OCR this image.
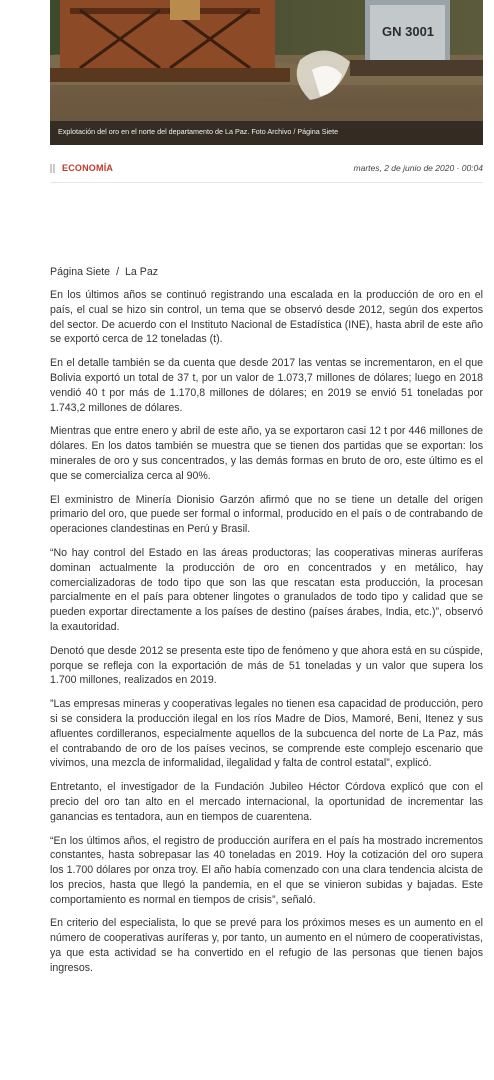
GN 3001
Explotación del oro en el norte del departamento de La Paz. Foto Archivo / Página Siete
ECONOMÍA	martes, 2 de junio de 2020 · 00:04
Página Siete / La Paz

En los últimos años se continuó registrando una escalada en la producción de oro en el país, el cual se hizo sin control, un tema que se observó desde 2012, según dos expertos del sector. De acuerdo con el Instituto Nacional de Estadística (INE), hasta abril de este año se exportó cerca de 12 toneladas (t).

En el detalle también se da cuenta que desde 2017 las ventas se incrementaron, en el que Bolivia exportó un total de 37 t, por un valor de 1.073,7 millones de dólares; luego en 2018 vendió 40 t por más de 1.170,8 millones de dólares; en 2019 se envió 51 toneladas por 1.743,2 millones de dólares.

Mientras que entre enero y abril de este año, ya se exportaron casi 12 t por 446 millones de dólares. En los datos también se muestra que se tienen dos partidas que se exportan: los minerales de oro y sus concentrados, y las demás formas en bruto de oro, este último es el que se comercializa cerca al 90%.

El exministro de Minería Dionisio Garzón afirmó que no se tiene un detalle del origen primario del oro, que puede ser formal o informal, producido en el país o de contrabando de operaciones clandestinas en Perú y Brasil.

“No hay control del Estado en las áreas productoras; las cooperativas mineras auríferas dominan actualmente la producción de oro en concentrados y en metálico, hay comercializadoras de todo tipo que son las que rescatan esta producción, la procesan parcialmente en el país para obtener lingotes o granulados de todo tipo y calidad que se pueden exportar directamente a los países de destino (países árabes, India, etc.)”, observó la exautoridad.

Denotó que desde 2012 se presenta este tipo de fenómeno y que ahora está en su cúspide, porque se refleja con la exportación de más de 51 toneladas y un valor que supera los 1.700 millones, realizados en 2019.

”Las empresas mineras y cooperativas legales no tienen esa capacidad de producción, pero si se considera la producción ilegal en los ríos Madre de Dios, Mamoré, Beni, Itenez y sus afluentes cordilleranos, especialmente aquellos de la subcuenca del norte de La Paz, más el contrabando de oro de los países vecinos, se comprende este complejo escenario que vivimos, una mezcla de informalidad, ilegalidad y falta de control estatal”, explicó.

Entretanto, el investigador de la Fundación Jubileo Héctor Córdova explicó que con el precio del oro tan alto en el mercado internacional, la oportunidad de incrementar las ganancias es tentadora, aun en tiempos de cuarentena.

“En los últimos años, el registro de producción aurífera en el país ha mostrado incrementos constantes, hasta sobrepasar las 40 toneladas en 2019. Hoy la cotización del oro supera los 1.700 dólares por onza troy. El año había comenzado con una clara tendencia alcista de los precios, hasta que llegó la pandemia, en el que se vinieron subidas y bajadas. Este comportamiento es normal en tiempos de crisis”, señaló.

En criterio del especialista, lo que se prevé para los próximos meses es un aumento en el número de cooperativas auríferas y, por tanto, un aumento en el número de cooperativistas, ya que esta actividad se ha convertido en el refugio de las personas que tienen bajos ingresos.
